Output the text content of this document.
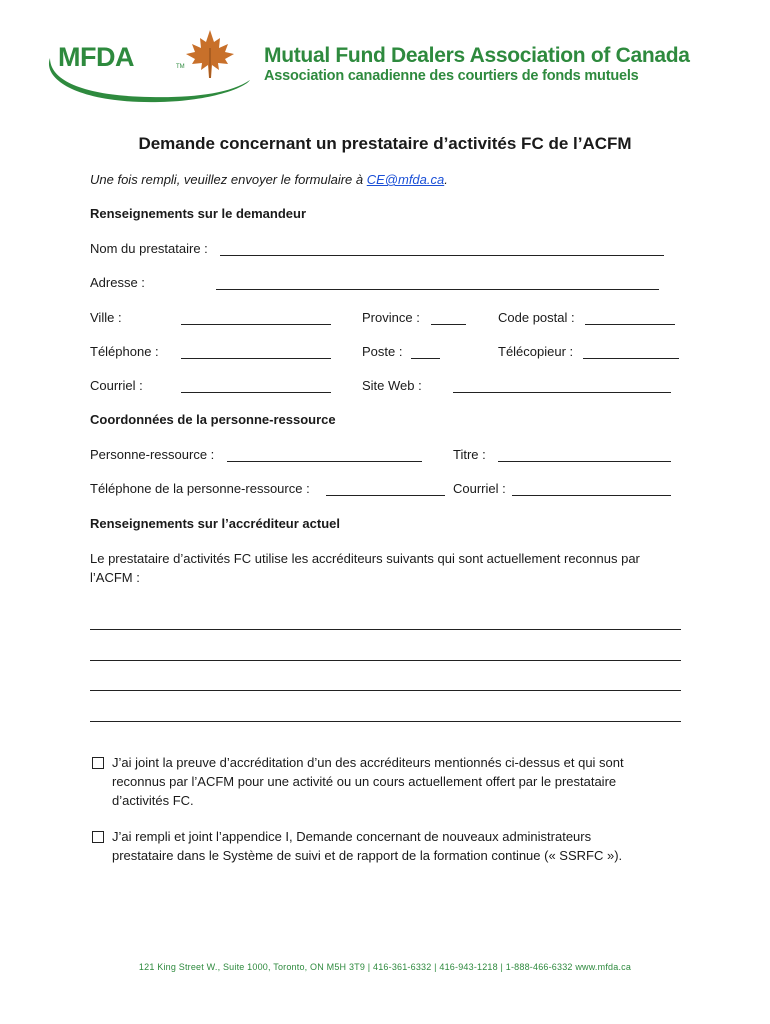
MFDA	TM	Mutual Fund Dealers Association of Canada
Association canadienne des courtiers de fonds mutuels
Demande concernant un prestataire d’activités FC de l’ACFM
Une fois rempli, veuillez envoyer le formulaire à CE@mfda.ca.
Renseignements sur le demandeur
Nom du prestataire :
Adresse :
Ville :	Province :	Code postal :
Téléphone :	Poste :	Télécopieur :
Courriel :	Site Web :
Coordonnées de la personne-ressource
Personne-ressource :	Titre :
Téléphone de la personne-ressource :	Courriel :
Renseignements sur l’accréditeur actuel
Le prestataire d’activités FC utilise les accréditeurs suivants qui sont actuellement reconnus par
l’ACFM :
J’ai joint la preuve d’accréditation d’un des accréditeurs mentionnés ci-dessus et qui sont
reconnus par l’ACFM pour une activité ou un cours actuellement offert par le prestataire
d’activités FC.
J’ai rempli et joint l’appendice I, Demande concernant de nouveaux administrateurs
prestataire dans le Système de suivi et de rapport de la formation continue (« SSRFC »).
121 King Street W., Suite 1000, Toronto, ON M5H 3T9 | 416-361-6332 | 416-943-1218 | 1-888-466-6332 www.mfda.ca
